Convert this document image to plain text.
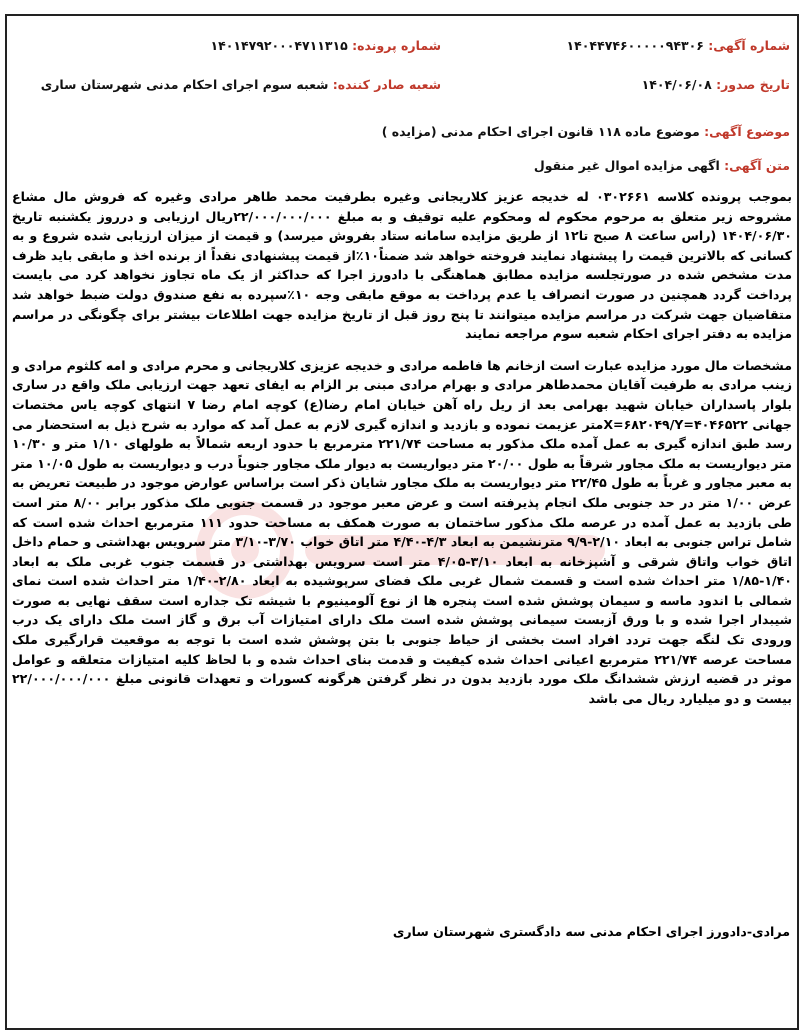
شماره آگهی: ۱۴۰۴۴۷۴۶۰۰۰۰۰۹۴۳۰۶
شماره پرونده: ۱۴۰۱۴۷۹۲۰۰۰۴۷۱۱۳۱۵
تاریخ صدور: ۱۴۰۴/۰۶/۰۸
شعبه صادر کننده: شعبه سوم اجرای احکام مدنی شهرستان ساری
موضوع آگهی: موضوع ماده ۱۱۸ قانون اجرای احکام مدنی (مزایده )
متن آگهی: اگهی مزایده اموال غیر منقول

بموجب پرونده کلاسه ۰۳۰۲۶۶۱ له خدیجه عزیز کلاریجانی وغیره بطرفیت محمد طاهر مرادی وغیره که فروش مال مشاع مشروحه زیر متعلق به مرحوم محکوم له ومحکوم علیه توقیف و به مبلغ ۲۲/۰۰۰/۰۰۰/۰۰۰ریال ارزیابی و درروز یکشنبه تاریخ ۱۴۰۴/۰۶/۳۰ (راس ساعت ۸ صبح تا۱۲ از طریق مزایده سامانه ستاد بفروش میرسد) و قیمت از میزان ارزیابی شده شروع و به کسانی که بالاترین قیمت را پیشنهاد نمایند فروخته خواهد شد ضمناً۱۰٪از قیمت پیشنهادی نقداً از برنده اخذ و مابقی باید ظرف مدت مشخص شده در صورتجلسه مزایده مطابق هماهنگی با دادورز اجرا که حداکثر از یک ماه تجاوز نخواهد کرد می بایست پرداخت گردد همچنین در صورت انصراف یا عدم پرداخت به موقع مابقی وجه ۱۰٪سپرده به نفع صندوق دولت ضبط خواهد شد متقاضیان جهت شرکت در مراسم مزایده میتوانند تا پنج روز قبل از تاریخ مزایده جهت اطلاعات بیشتر برای چگونگی در مراسم مزایده به دفتر اجرای احکام شعبه سوم مراجعه نمایند

مشخصات مال مورد مزایده عبارت است ازخانم ها فاطمه مرادی و خدیجه عزیزی کلاریجانی و محرم مرادی و امه کلثوم مرادی و زینب مرادی به طرفیت آقایان محمدطاهر مرادی و بهرام مرادی مبنی بر الزام به ایفای تعهد جهت ارزیابی ملک واقع در ساری بلوار پاسداران خیابان شهید بهرامی بعد از ریل راه آهن خیابان امام رضا(ع) کوچه امام رضا ۷ انتهای کوچه یاس مختصات جهانی X=۶۸۲۰۴۹/Y=۴۰۴۶۵۲۲متر عزیمت نموده و بازدید و اندازه گیری لازم به عمل آمد که موارد به شرح ذیل به استحضار می رسد طبق اندازه گیری به عمل آمده ملک مذکور به مساحت ۲۲۱/۷۴ مترمربع با حدود اربعه شمالاً به طولهای ۱/۱۰ متر و ۱۰/۳۰ متر دیواریست به ملک مجاور شرقاً به طول ۲۰/۰۰ متر دیواریست به دیوار ملک مجاور جنوباً درب و دیواریست به طول ۱۰/۰۵ متر به معبر مجاور و غرباً به طول ۲۲/۴۵ متر دیواریست به ملک مجاور شایان ذکر است براساس عوارض موجود در طبیعت تعریض به عرض ۱/۰۰ متر در حد جنوبی ملک انجام پذیرفته است و عرض معبر موجود در قسمت جنوبی ملک مذکور برابر ۸/۰۰ متر است طی بازدید به عمل آمده در عرصه ملک مذکور ساختمان به صورت همکف به مساحت حدود ۱۱۱ مترمربع احداث شده است که شامل تراس جنوبی به ابعاد ۲/۱۰-۹/۹ مترنشیمن به ابعاد ۴/۳-۴/۴۰ متر اتاق خواب ۳/۷۰-۳/۱۰ متر سرویس بهداشتی و حمام داخل اتاق خواب واتاق شرقی و آشپزخانه به ابعاد ۳/۱۰-۴/۰۵ متر است سرویس بهداشتی در قسمت جنوب غربی ملک به ابعاد ۱/۴۰-۱/۸۵ متر احداث شده است و قسمت شمال غربی ملک فضای سرپوشیده به ابعاد ۲/۸۰-۱/۴۰ متر احداث شده است نمای شمالی با اندود ماسه و سیمان پوشش شده است پنجره ها از نوع آلومینیوم با شیشه تک جداره است سقف نهایی به صورت شیبدار اجرا شده و با ورق آزبست سیمانی پوشش شده است ملک دارای امتیازات آب برق و گاز است ملک دارای یک درب ورودی تک لنگه جهت تردد افراد است بخشی از حیاط جنوبی با بتن پوشش شده است با توجه به موقعیت قرارگیری ملک مساحت عرصه ۲۲۱/۷۴ مترمربع اعیانی احداث شده کیفیت و قدمت بنای احداث شده و با لحاظ کلیه امتیازات متعلقه و عوامل موثر در قضیه ارزش ششدانگ ملک مورد بازدید بدون در نظر گرفتن هرگونه کسورات و تعهدات قانونی مبلغ ۲۲/۰۰۰/۰۰۰/۰۰۰ بیست و دو میلیارد ریال می باشد

مرادی-دادورز اجرای احکام مدنی سه دادگستری شهرستان ساری
